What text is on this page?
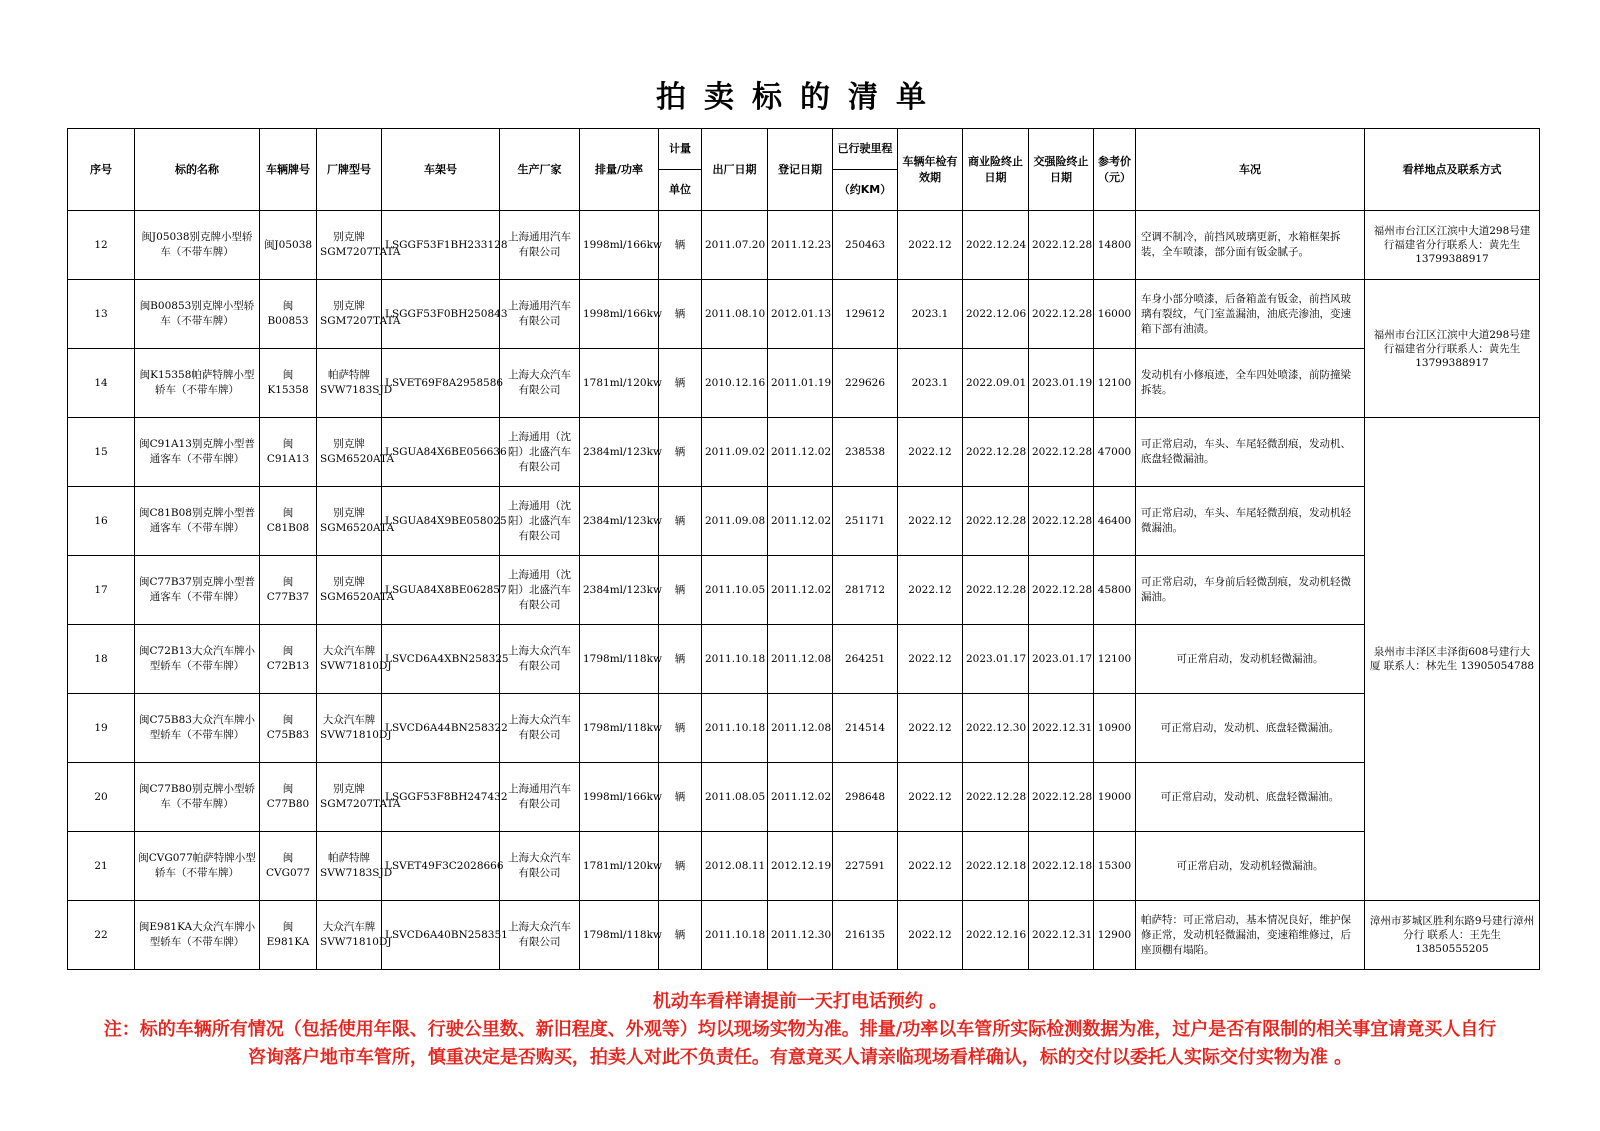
拍卖标的清单
序号	标的名称	车辆牌号	厂牌型号	车架号	生产厂家	排量/功率	计量	出厂日期	登记日期	已行驶里程	车辆年检有效期	商业险终止日期	交强险终止日期	参考价（元）	车况	看样地点及联系方式
							单位			（约KM）						
12	闽J05038别克牌小型轿车（不带车牌）	闽J05038	别克牌SGM7207TATA	LSGGF53F1BH233128	上海通用汽车有限公司	1998ml/166kw	辆	2011.07.20	2011.12.23	250463	2022.12	2022.12.24	2022.12.28	14800	空调不制冷，前挡风玻璃更新，水箱框架拆装，全车喷漆，部分面有钣金腻子。	福州市台江区江滨中大道298号建行福建省分行联系人：黄先生 13799388917
13	闽B00853别克牌小型轿车（不带车牌）	闽B00853	别克牌SGM7207TATA	LSGGF53F0BH250843	上海通用汽车有限公司	1998ml/166kw	辆	2011.08.10	2012.01.13	129612	2023.1	2022.12.06	2022.12.28	16000	车身小部分喷漆，后备箱盖有钣金，前挡风玻璃有裂纹，气门室盖漏油，油底壳渗油，变速箱下部有油渍。	福州市台江区江滨中大道298号建行福建省分行联系人：黄先生 13799388917
14	闽K15358帕萨特牌小型轿车（不带车牌）	闽K15358	帕萨特牌SVW7183SJD	LSVET69F8A2958586	上海大众汽车有限公司	1781ml/120kw	辆	2010.12.16	2011.01.19	229626	2023.1	2022.09.01	2023.01.19	12100	发动机有小修痕迹，全车四处喷漆，前防撞梁拆装。	
15	闽C91A13别克牌小型普通客车（不带车牌）	闽C91A13	别克牌SGM6520ATA	LSGUA84X6BE056636	上海通用（沈阳）北盛汽车有限公司	2384ml/123kw	辆	2011.09.02	2011.12.02	238538	2022.12	2022.12.28	2022.12.28	47000	可正常启动，车头、车尾轻微刮痕，发动机、底盘轻微漏油。	泉州市丰泽区丰泽街608号建行大厦 联系人：林先生 13905054788
16	闽C81B08别克牌小型普通客车（不带车牌）	闽C81B08	别克牌SGM6520ATA	LSGUA84X9BE058025	上海通用（沈阳）北盛汽车有限公司	2384ml/123kw	辆	2011.09.08	2011.12.02	251171	2022.12	2022.12.28	2022.12.28	46400	可正常启动，车头、车尾轻微刮痕，发动机轻微漏油。	
17	闽C77B37别克牌小型普通客车（不带车牌）	闽C77B37	别克牌SGM6520ATA	LSGUA84X8BE062857	上海通用（沈阳）北盛汽车有限公司	2384ml/123kw	辆	2011.10.05	2011.12.02	281712	2022.12	2022.12.28	2022.12.28	45800	可正常启动，车身前后轻微刮痕，发动机轻微漏油。	
18	闽C72B13大众汽车牌小型轿车（不带车牌）	闽C72B13	大众汽车牌SVW71810DJ	LSVCD6A4XBN258325	上海大众汽车有限公司	1798ml/118kw	辆	2011.10.18	2011.12.08	264251	2022.12	2023.01.17	2023.01.17	12100	可正常启动，发动机轻微漏油。	
19	闽C75B83大众汽车牌小型轿车（不带车牌）	闽C75B83	大众汽车牌SVW71810DJ	LSVCD6A44BN258322	上海大众汽车有限公司	1798ml/118kw	辆	2011.10.18	2011.12.08	214514	2022.12	2022.12.30	2022.12.31	10900	可正常启动，发动机、底盘轻微漏油。	
20	闽C77B80别克牌小型轿车（不带车牌）	闽C77B80	别克牌SGM7207TATA	LSGGF53F8BH247432	上海通用汽车有限公司	1998ml/166kw	辆	2011.08.05	2011.12.02	298648	2022.12	2022.12.28	2022.12.28	19000	可正常启动，发动机、底盘轻微漏油。	
21	闽CVG077帕萨特牌小型轿车（不带车牌）	闽CVG077	帕萨特牌SVW7183SJD	LSVET49F3C2028666	上海大众汽车有限公司	1781ml/120kw	辆	2012.08.11	2012.12.19	227591	2022.12	2022.12.18	2022.12.18	15300	可正常启动，发动机轻微漏油。	
22	闽E981KA大众汽车牌小型轿车（不带车牌）	闽E981KA	大众汽车牌SVW71810DJ	LSVCD6A40BN258351	上海大众汽车有限公司	1798ml/118kw	辆	2011.10.18	2011.12.30	216135	2022.12	2022.12.16	2022.12.31	12900	帕萨特：可正常启动，基本情况良好，维护保修正常，发动机轻微漏油，变速箱维修过，后座顶棚有塌陷。	漳州市芗城区胜利东路9号建行漳州分行 联系人：王先生 13850555205

机动车看样请提前一天打电话预约 。

注：标的车辆所有情况（包括使用年限、行驶公里数、新旧程度、外观等）均以现场实物为准。排量/功率以车管所实际检测数据为准，过户是否有限制的相关事宜请竟买人自行咨询落户地市车管所，慎重决定是否购买，拍卖人对此不负责任。有意竟买人请亲临现场看样确认，标的交付以委托人实际交付实物为准 。
